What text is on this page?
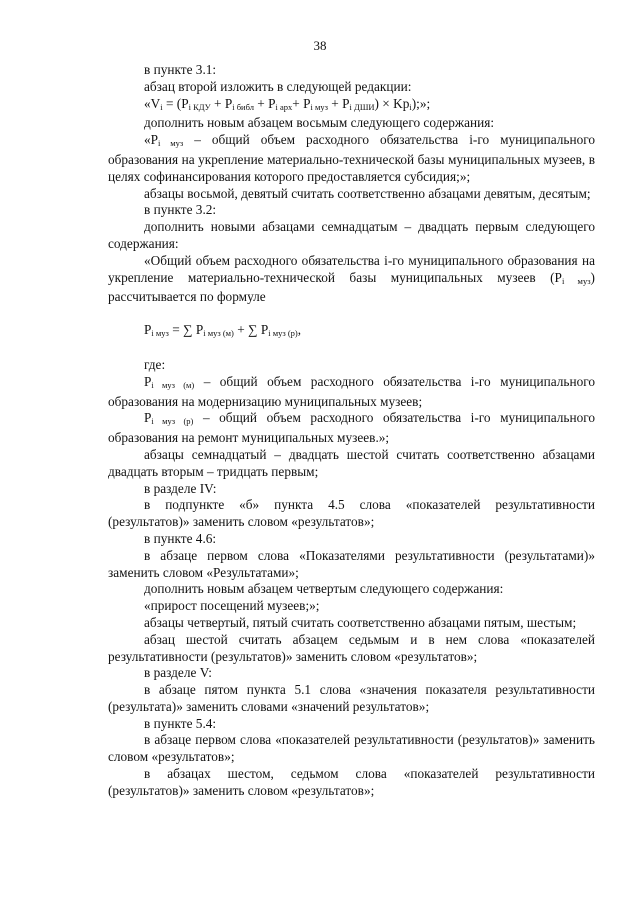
38

в пункте 3.1:

абзац второй изложить в следующей редакции:

«$V_i = (P_{i КДУ} + P_{i библ} + P_{i арх}+ P_{i муз} + P_{i ДШИ}) \times Kp_i$);»;

дополнить новым абзацем восьмым следующего содержания:

«$P_{i муз}$ – общий объем расходного обязательства i-го муниципального образования на укрепление материально-технической базы муниципальных музеев, в целях софинансирования которого предоставляется субсидия;»;

абзацы восьмой, девятый считать соответственно абзацами девятым, десятым;

в пункте 3.2:

дополнить новыми абзацами семнадцатым – двадцать первым следующего содержания:

«Общий объем расходного обязательства i-го муниципального образования на укрепление материально-технической базы муниципальных музеев $(P_{i муз})$ рассчитывается по формуле

$P_{i муз}$ = ∑ $P_{i муз (м)}$ + ∑ $P_{i муз (р)}$,

где:

$P_{i муз (м)}$ – общий объем расходного обязательства i-го муниципального образования на модернизацию муниципальных музеев;

$P_{i муз (р)}$ – общий объем расходного обязательства i-го муниципального образования на ремонт муниципальных музеев.»;

абзацы семнадцатый – двадцать шестой считать соответственно абзацами двадцать вторым – тридцать первым;

в разделе IV:

в подпункте «б» пункта 4.5 слова «показателей результативности (результатов)» заменить словом «результатов»;

в пункте 4.6:

в абзаце первом слова «Показателями результативности (результатами)» заменить словом «Результатами»;

дополнить новым абзацем четвертым следующего содержания:

«прирост посещений музеев;»;

абзацы четвертый, пятый считать соответственно абзацами пятым, шестым;

абзац шестой считать абзацем седьмым и в нем слова «показателей результативности (результатов)» заменить словом «результатов»;

в разделе V:

в абзаце пятом пункта 5.1 слова «значения показателя результативности (результата)» заменить словами «значений результатов»;

в пункте 5.4:

в абзаце первом слова «показателей результативности (результатов)» заменить словом «результатов»;

в абзацах шестом, седьмом слова «показателей результативности (результатов)» заменить словом «результатов»;
